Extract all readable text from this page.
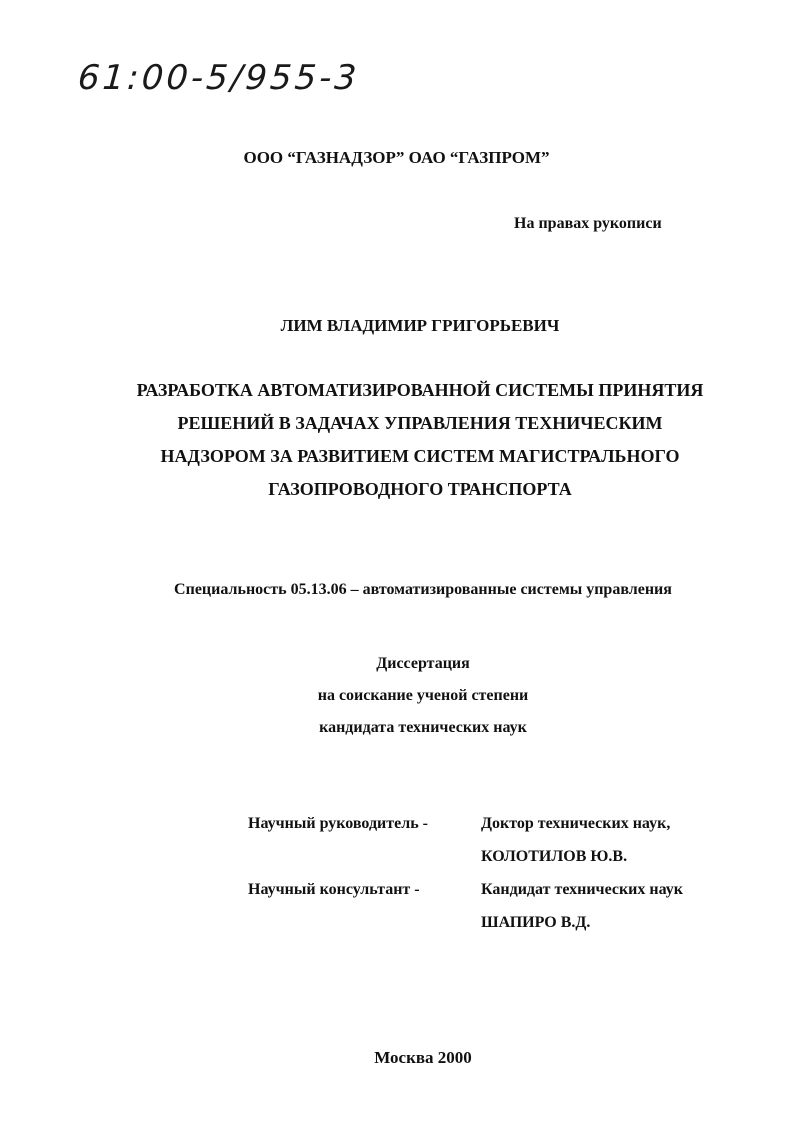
61:00-5/955-3
ООО “ГАЗНАДЗОР” ОАО “ГАЗПРОМ”
На правах рукописи
ЛИМ ВЛАДИМИР ГРИГОРЬЕВИЧ
РАЗРАБОТКА АВТОМАТИЗИРОВАННОЙ СИСТЕМЫ ПРИНЯТИЯ
РЕШЕНИЙ В ЗАДАЧАХ УПРАВЛЕНИЯ ТЕХНИЧЕСКИМ
НАДЗОРОМ ЗА РАЗВИТИЕМ СИСТЕМ МАГИСТРАЛЬНОГО
ГАЗОПРОВОДНОГО ТРАНСПОРТА
Специальность 05.13.06 – автоматизированные системы управления
Диссертация
на соискание ученой степени
кандидата технических наук
Научный руководитель -	Доктор технических наук,
КОЛОТИЛОВ Ю.В.
Научный консультант -	Кандидат технических наук
ШАПИРО В.Д.
Москва 2000
